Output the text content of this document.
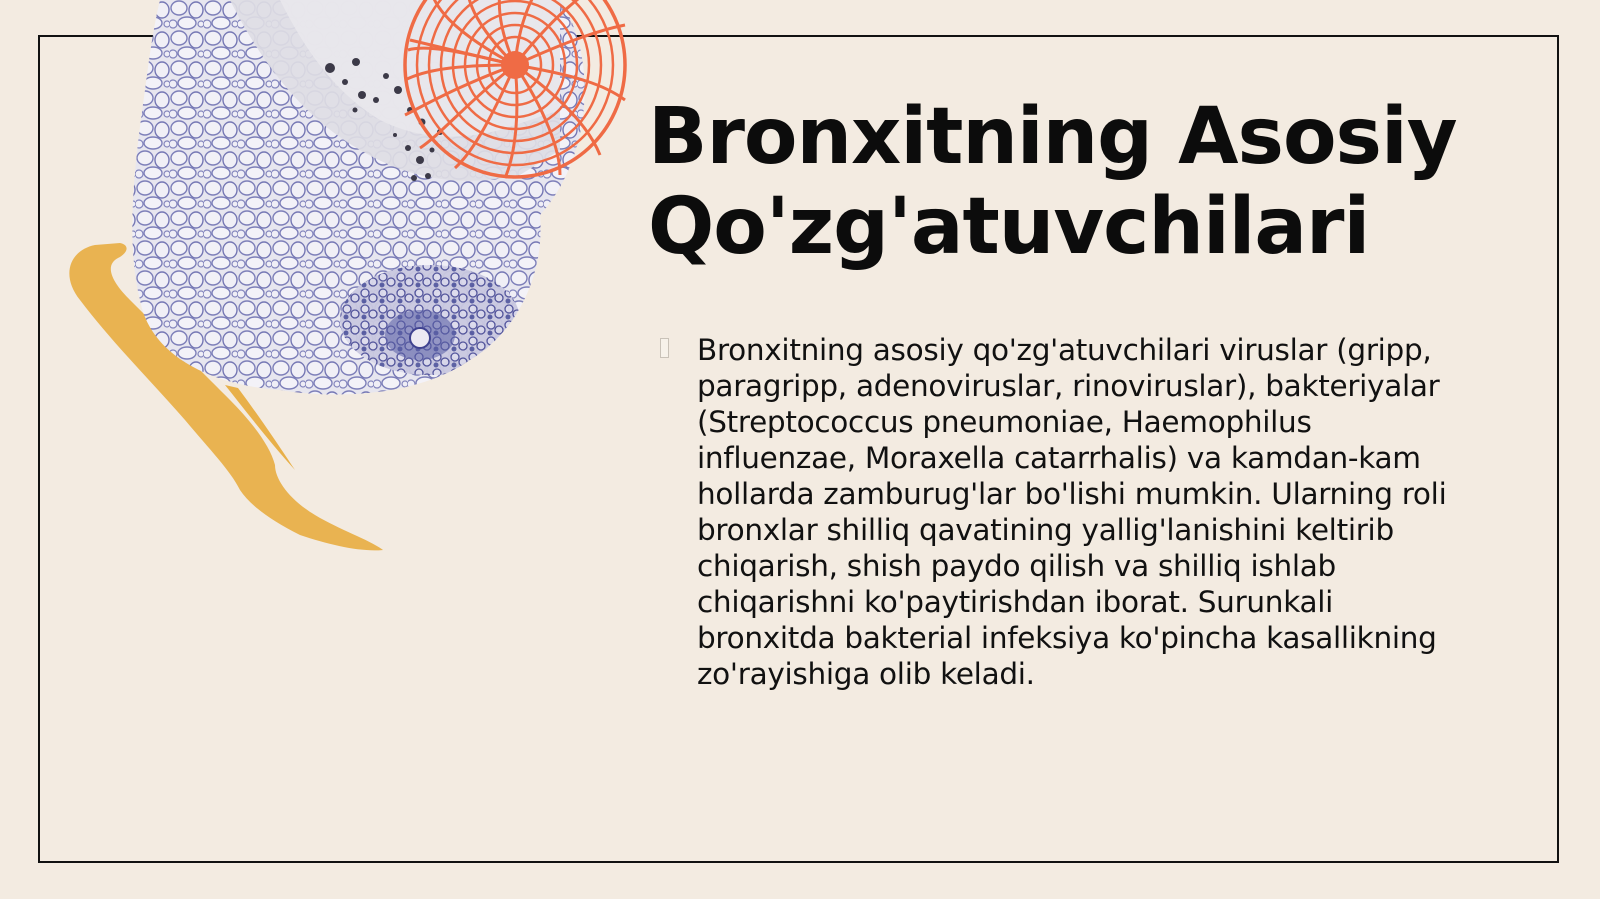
Bronxitning Asosiy
Qo'zg'atuvchilari

Bronxitning asosiy qo'zg'atuvchilari viruslar (gripp, paragripp, adenoviruslar, rinoviruslar), bakteriyalar (Streptococcus pneumoniae, Haemophilus influenzae, Moraxella catarrhalis) va kamdan-kam hollarda zamburug'lar bo'lishi mumkin. Ularning roli bronxlar shilliq qavatining yallig'lanishini keltirib chiqarish, shish paydo qilish va shilliq ishlab chiqarishni ko'paytirishdan iborat. Surunkali bronxitda bakterial infeksiya ko'pincha kasallikning zo'rayishiga olib keladi.
